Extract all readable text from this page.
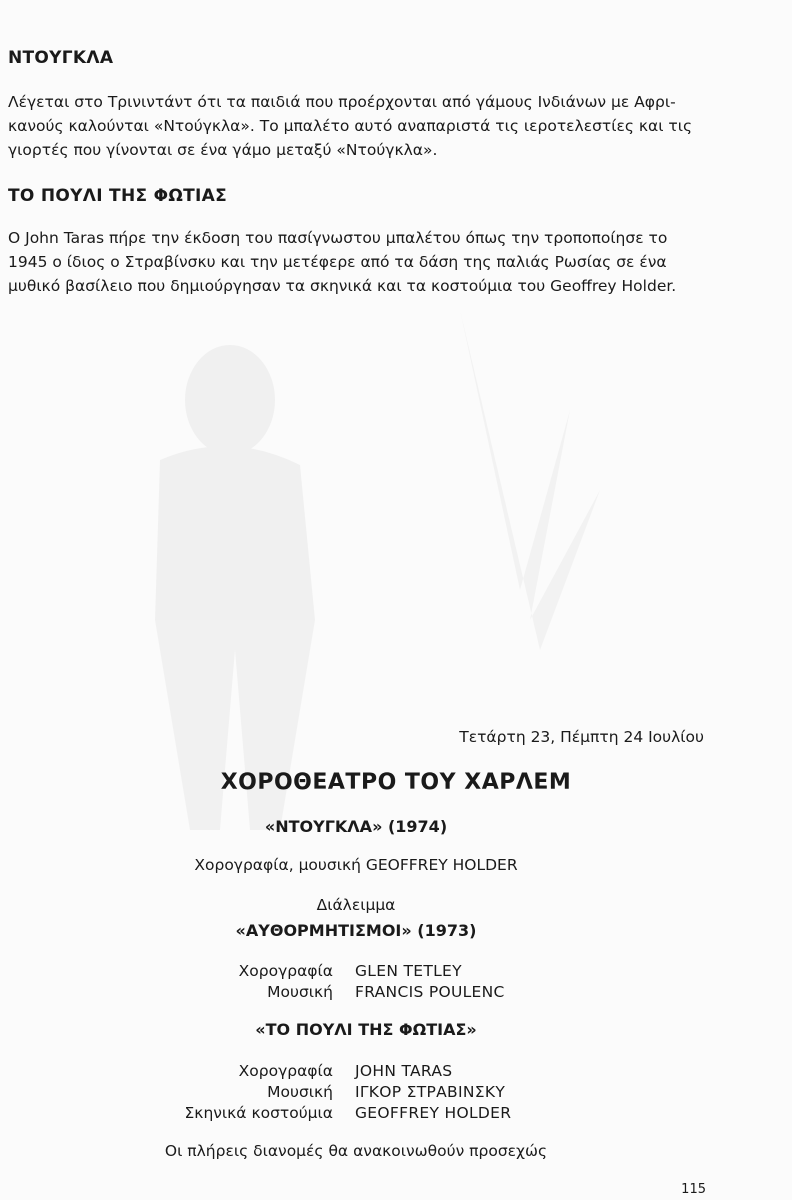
ΝΤΟΥΓΚΛΑ
Λέγεται στο Τρινιντάντ ότι τα παιδιά που προέρχονται από γάμους Ινδιάνων με Αφρι-
κανούς καλούνται «Ντούγκλα». Το μπαλέτο αυτό αναπαριστά τις ιεροτελεστίες και τις
γιορτές που γίνονται σε ένα γάμο μεταξύ «Ντούγκλα».
ΤΟ ΠΟΥΛΙ ΤΗΣ ΦΩΤΙΑΣ
Ο John Taras πήρε την έκδοση του πασίγνωστου μπαλέτου όπως την τροποποίησε το
1945 ο ίδιος ο Στραβίνσκυ και την μετέφερε από τα δάση της παλιάς Ρωσίας σε ένα
μυθικό βασίλειο που δημιούργησαν τα σκηνικά και τα κοστούμια του Geoffrey Holder.
Τετάρτη 23, Πέμπτη 24 Ιουλίου
ΧΟΡΟΘΕΑΤΡΟ ΤΟΥ ΧΑΡΛΕΜ
«ΝΤΟΥΓΚΛΑ» (1974)
Χορογραφία, μουσική GEOFFREY HOLDER
Διάλειμμα
«ΑΥΘΟΡΜΗΤΙΣΜΟΙ» (1973)
Χορογραφία GLEN TETLEY
Μουσική FRANCIS POULENC
«ΤΟ ΠΟΥΛΙ ΤΗΣ ΦΩΤΙΑΣ»
Χορογραφία JOHN TARAS
Μουσική ΙΓΚΟΡ ΣΤΡΑΒΙΝΣΚΥ
Σκηνικά κοστούμια GEOFFREY HOLDER
Οι πλήρεις διανομές θα ανακοινωθούν προσεχώς
115
